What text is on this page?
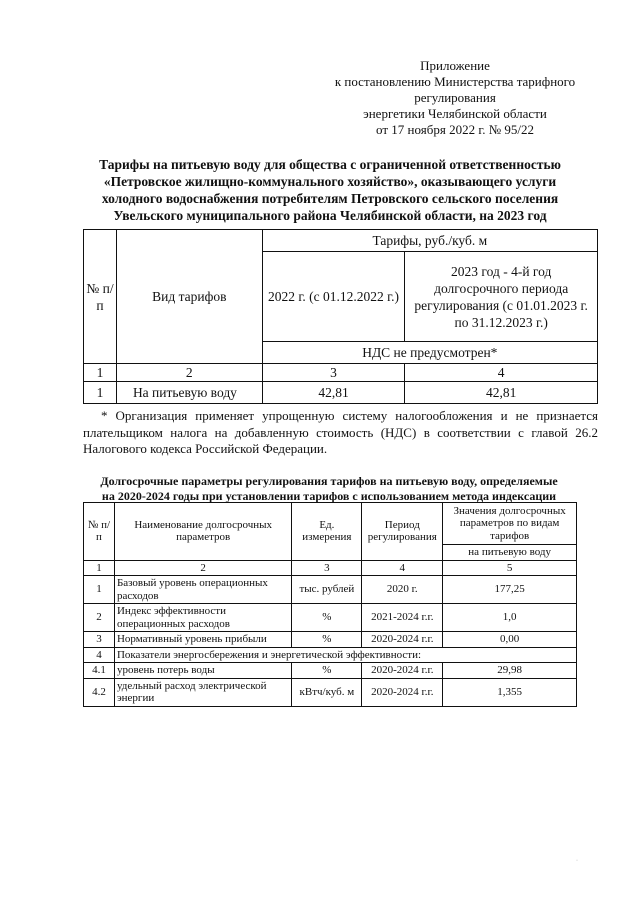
Приложение
к постановлению Министерства тарифного
регулирования
энергетики Челябинской области
от 17 ноября 2022 г. № 95/22
Тарифы на питьевую воду для общества с ограниченной ответственностью
«Петровское жилищно-коммунального хозяйство», оказывающего услуги
холодного водоснабжения потребителям Петровского сельского поселения
Увельского муниципального района Челябинской области, на 2023 год
№ п/п	Вид тарифов	Тарифы, руб./куб. м	
		2022 г. (с 01.12.2022 г.)	2023 год - 4-й год долгосрочного периода регулирования (с 01.01.2023 г. по 31.12.2023 г.)
		НДС не предусмотрен*	
1	2	3	4
1	На питьевую воду	42,81	42,81
* Организация применяет упрощенную систему налогообложения и не признается плательщиком налога на добавленную стоимость (НДС) в соответствии с главой 26.2 Налогового кодекса Российской Федерации.
Долгосрочные параметры регулирования тарифов на питьевую воду, определяемые
на 2020-2024 годы при установлении тарифов с использованием метода индексации
№ п/п	Наименование долгосрочных параметров	Ед. измерения	Период регулирования	Значения долгосрочных параметров по видам тарифов
				на питьевую воду
1	2	3	4	5
1	Базовый уровень операционных расходов	тыс. рублей	2020 г.	177,25
2	Индекс эффективности операционных расходов	%	2021-2024 г.г.	1,0
3	Нормативный уровень прибыли	%	2020-2024 г.г.	0,00
4	Показатели энергосбережения и энергетической эффективности:			
4.1	уровень потерь воды	%	2020-2024 г.г.	29,98
4.2	удельный расход электрической энергии	кВтч/куб. м	2020-2024 г.г.	1,355
·
